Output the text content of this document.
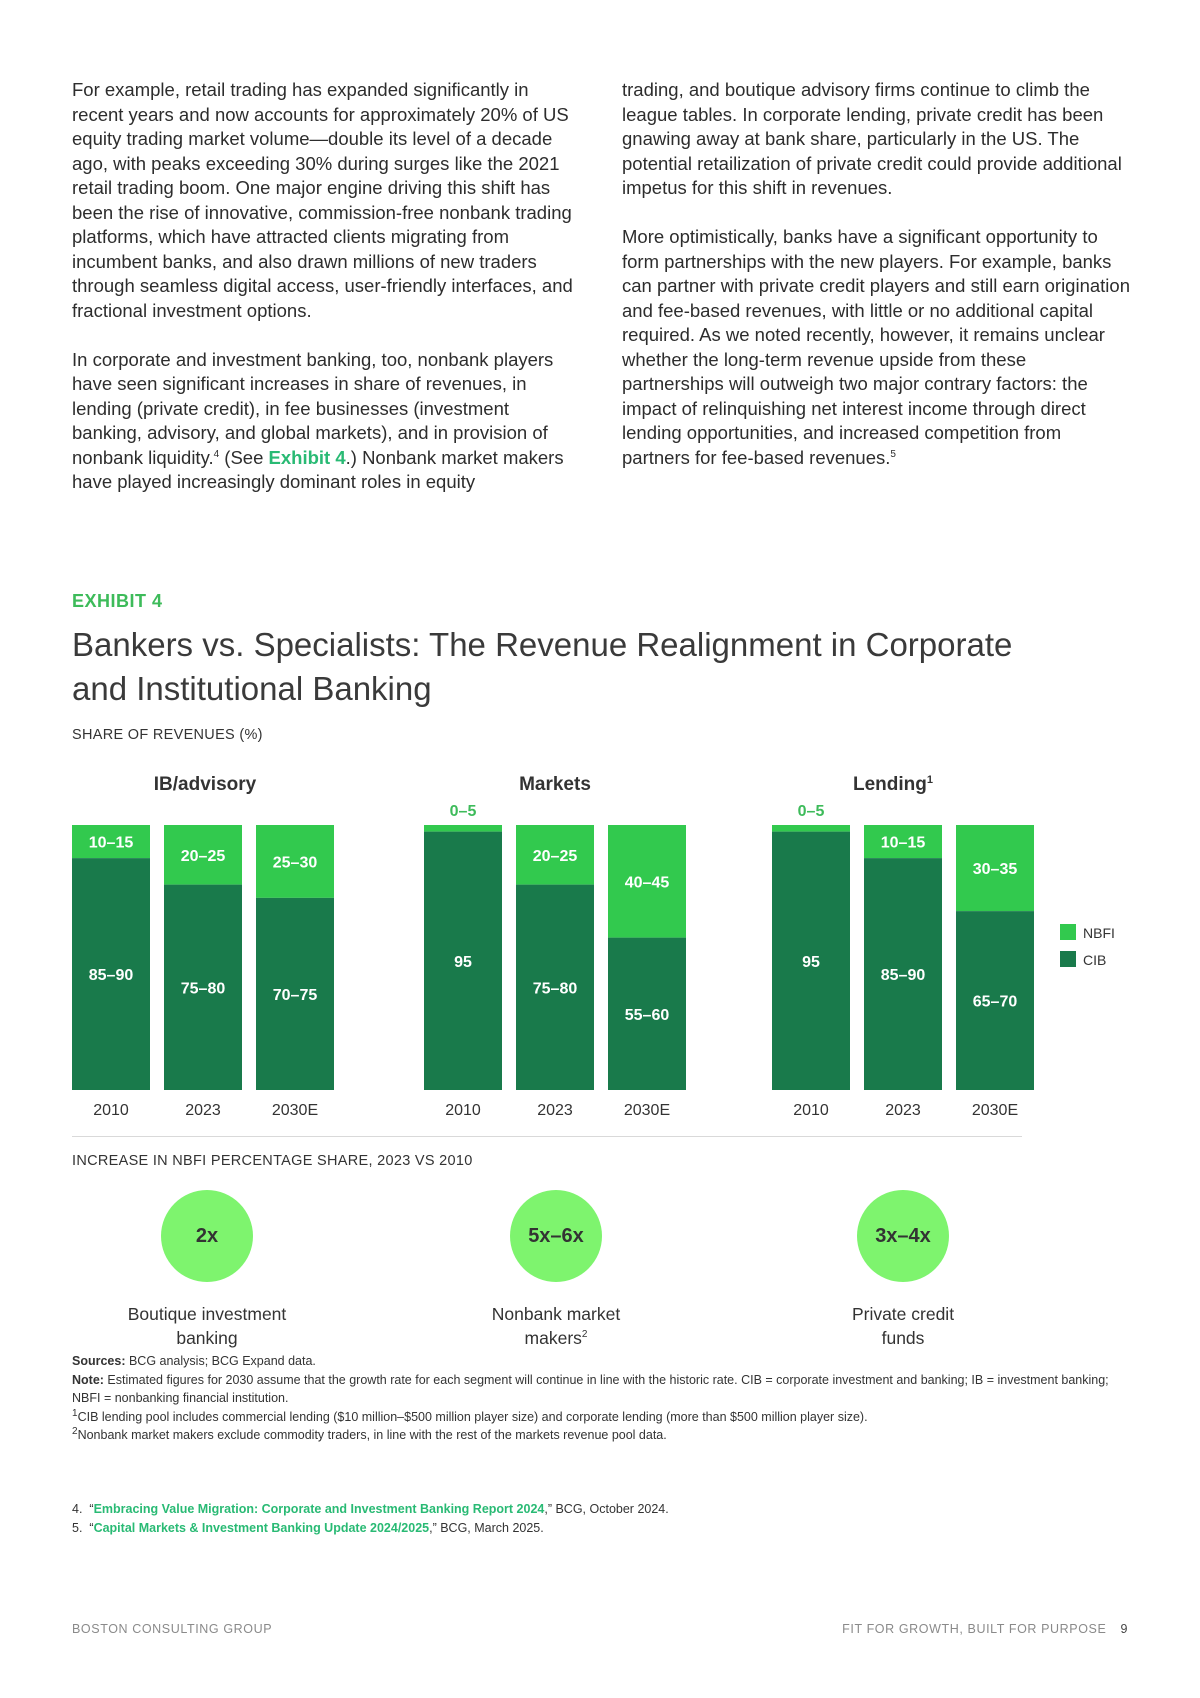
For example, retail trading has expanded significantly in recent years and now accounts for approximately 20% of US equity trading market volume—double its level of a decade ago, with peaks exceeding 30% during surges like the 2021 retail trading boom. One major engine driving this shift has been the rise of innovative, commission-free nonbank trading platforms, which have attracted clients migrating from incumbent banks, and also drawn millions of new traders through seamless digital access, user-friendly interfaces, and fractional investment options.

In corporate and investment banking, too, nonbank players have seen significant increases in share of revenues, in lending (private credit), in fee businesses (investment banking, advisory, and global markets), and in provision of nonbank liquidity.$^4$ (See Exhibit 4.) Nonbank market makers have played increasingly dominant roles in equity

trading, and boutique advisory firms continue to climb the league tables. In corporate lending, private credit has been gnawing away at bank share, particularly in the US. The potential retailization of private credit could provide additional impetus for this shift in revenues.

More optimistically, banks have a significant opportunity to form partnerships with the new players. For example, banks can partner with private credit players and still earn origination and fee-based revenues, with little or no additional capital required. As we noted recently, however, it remains unclear whether the long-term revenue upside from these partnerships will outweigh two major contrary factors: the impact of relinquishing net interest income through direct lending opportunities, and increased competition from partners for fee-based revenues.$^5$

EXHIBIT 4
Bankers vs. Specialists: The Revenue Realignment in Corporate and Institutional Banking
SHARE OF REVENUES (%)
IB/advisory
10–15
85–90
2010
20–25
75–80
2023
25–30
70–75
2030E
Markets
0–5
95
2010
20–25
75–80
2023
40–45
55–60
2030E
Lending$^1$
0–5
95
2010
10–15
85–90
2023
30–35
65–70
2030E
NBFI
CIB
INCREASE IN NBFI PERCENTAGE SHARE, 2023 VS 2010
2x
Boutique investment
banking
5x–6x
Nonbank market
makers$^2$
3x–4x
Private credit
funds
Sources: BCG analysis; BCG Expand data.
Note: Estimated figures for 2030 assume that the growth rate for each segment will continue in line with the historic rate. CIB = corporate investment and banking; IB = investment banking; NBFI = nonbanking financial institution.
$^1$CIB lending pool includes commercial lending ($10 million–$500 million player size) and corporate lending (more than $500 million player size).
$^2$Nonbank market makers exclude commodity traders, in line with the rest of the markets revenue pool data.
4. “Embracing Value Migration: Corporate and Investment Banking Report 2024,” BCG, October 2024.
5. “Capital Markets & Investment Banking Update 2024/2025,” BCG, March 2025.
BOSTON CONSULTING GROUP	FIT FOR GROWTH, BUILT FOR PURPOSE 9
